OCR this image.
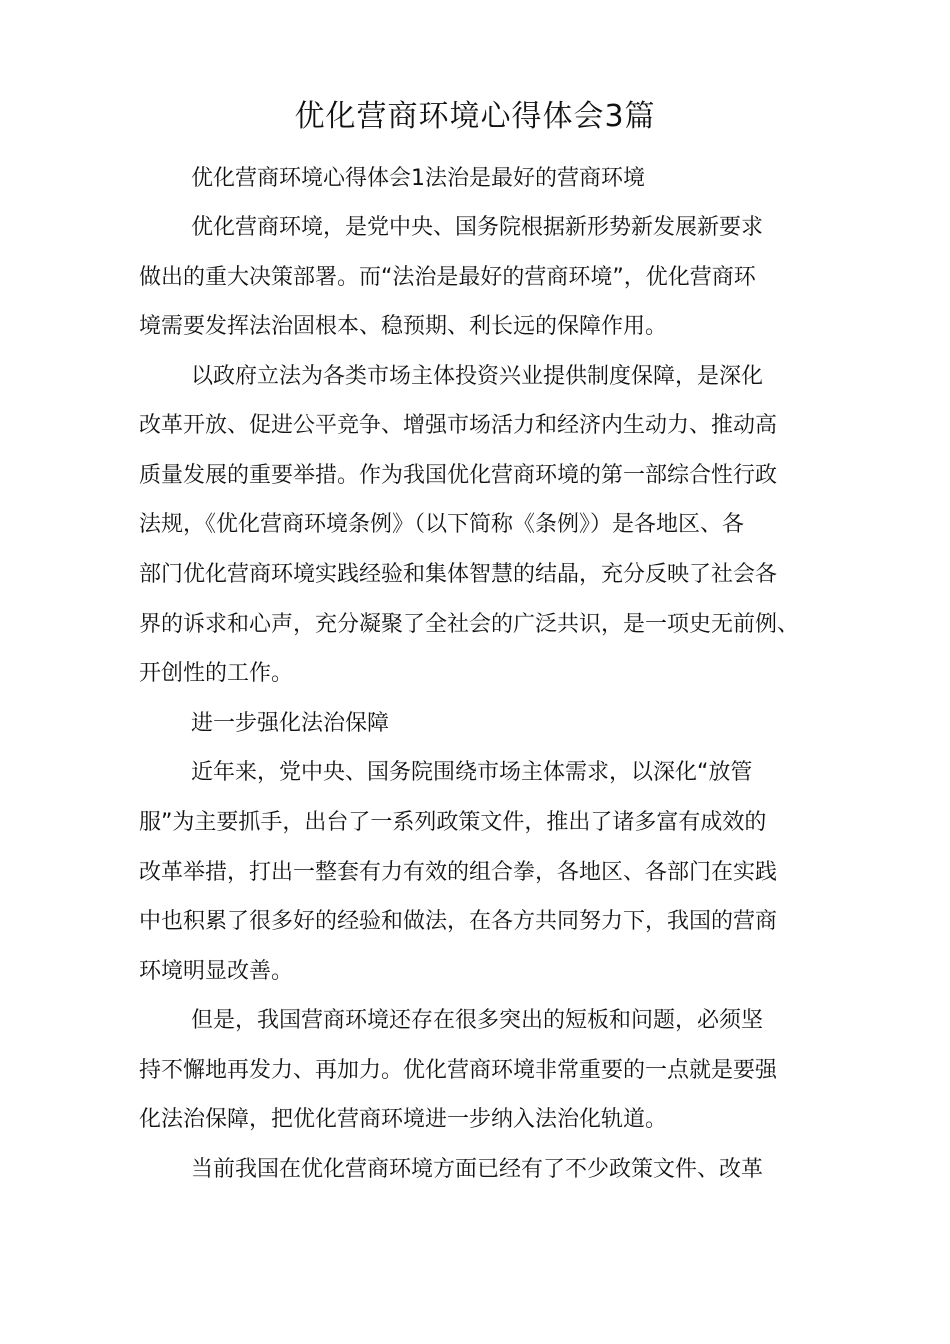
优化营商环境心得体会3篇

优化营商环境心得体会1法治是最好的营商环境

优化营商环境，是党中央、国务院根据新形势新发展新要求

做出的重大决策部署。而“法治是最好的营商环境”，优化营商环

境需要发挥法治固根本、稳预期、利长远的保障作用。

以政府立法为各类市场主体投资兴业提供制度保障，是深化

改革开放、促进公平竞争、增强市场活力和经济内生动力、推动高

质量发展的重要举措。作为我国优化营商环境的第一部综合性行政

法规，《优化营商环境条例》（以下简称《条例》）是各地区、各

部门优化营商环境实践经验和集体智慧的结晶，充分反映了社会各

界的诉求和心声，充分凝聚了全社会的广泛共识，是一项史无前例、

开创性的工作。

进一步强化法治保障

近年来，党中央、国务院围绕市场主体需求，以深化“放管

服”为主要抓手，出台了一系列政策文件，推出了诸多富有成效的

改革举措，打出一整套有力有效的组合拳，各地区、各部门在实践

中也积累了很多好的经验和做法，在各方共同努力下，我国的营商

环境明显改善。

但是，我国营商环境还存在很多突出的短板和问题，必须坚

持不懈地再发力、再加力。优化营商环境非常重要的一点就是要强

化法治保障，把优化营商环境进一步纳入法治化轨道。

当前我国在优化营商环境方面已经有了不少政策文件、改革
